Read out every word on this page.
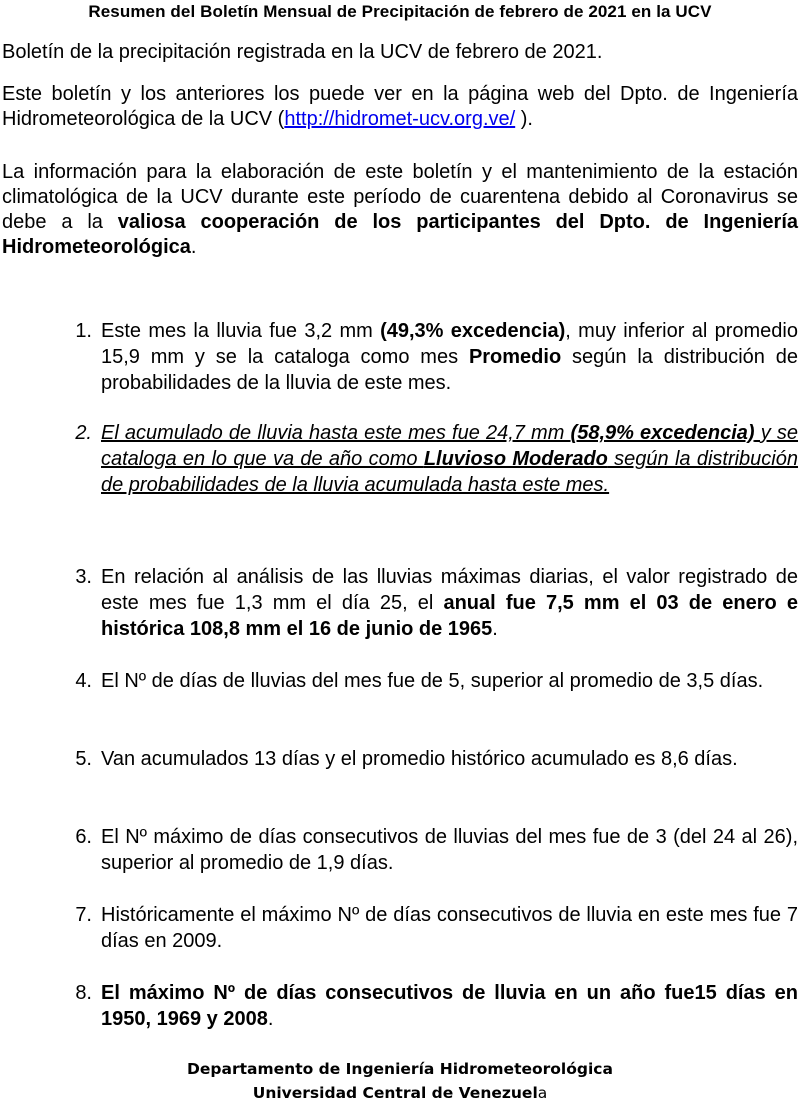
Resumen del Boletín Mensual de Precipitación de febrero de 2021 en la UCV

Boletín de la precipitación registrada en la UCV de febrero de 2021.

Este boletín y los anteriores los puede ver en la página web del Dpto. de Ingeniería Hidrometeorológica de la UCV (http://hidromet-ucv.org.ve/ ).

La información para la elaboración de este boletín y el mantenimiento de la estación climatológica de la UCV durante este período de cuarentena debido al Coronavirus se debe a la valiosa cooperación de los participantes del Dpto. de Ingeniería Hidrometeorológica.

1. Este mes la lluvia fue 3,2 mm (49,3% excedencia), muy inferior al promedio 15,9 mm y se la cataloga como mes Promedio según la distribución de probabilidades de la lluvia de este mes.
2. El acumulado de lluvia hasta este mes fue 24,7 mm (58,9% excedencia) y se cataloga en lo que va de año como Lluvioso Moderado según la distribución de probabilidades de la lluvia acumulada hasta este mes.
3. En relación al análisis de las lluvias máximas diarias, el valor registrado de este mes fue 1,3 mm el día 25, el anual fue 7,5 mm el 03 de enero e histórica 108,8 mm el 16 de junio de 1965.
4. El Nº de días de lluvias del mes fue de 5, superior al promedio de 3,5 días.
5. Van acumulados 13 días y el promedio histórico acumulado es 8,6 días.
6. El Nº máximo de días consecutivos de lluvias del mes fue de 3 (del 24 al 26), superior al promedio de 1,9 días.
7. Históricamente el máximo Nº de días consecutivos de lluvia en este mes fue 7 días en 2009.
8. El máximo Nº de días consecutivos de lluvia en un año fue15 días en 1950, 1969 y 2008.
Departamento de Ingeniería Hidrometeorológica
Universidad Central de Venezuela
